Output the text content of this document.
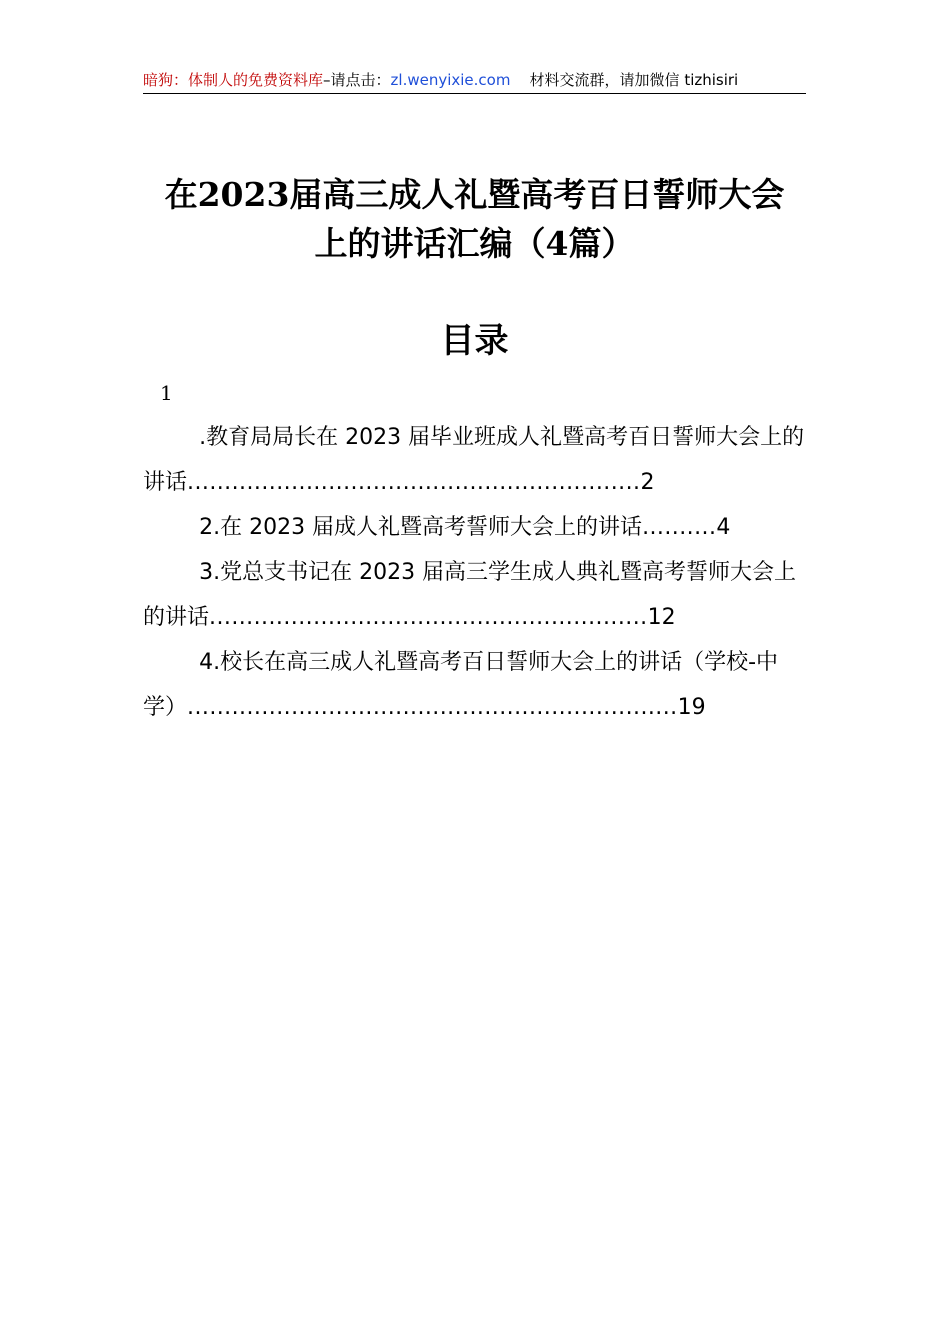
暗狗：体制人的免费资料库–请点击：zl.wenyixie.com 材料交流群，请加微信 tizhisiri
在2023届高三成人礼暨高考百日誓师大会
上的讲话汇编（4篇）
目录
1
.教育局局长在 2023 届毕业班成人礼暨高考百日誓师大会上的讲话.............................................................2
2.在 2023 届成人礼暨高考誓师大会上的讲话..........4
3.党总支书记在 2023 届高三学生成人典礼暨高考誓师大会上的讲话...........................................................12
4.校长在高三成人礼暨高考百日誓师大会上的讲话（学校-中学）..................................................................19
